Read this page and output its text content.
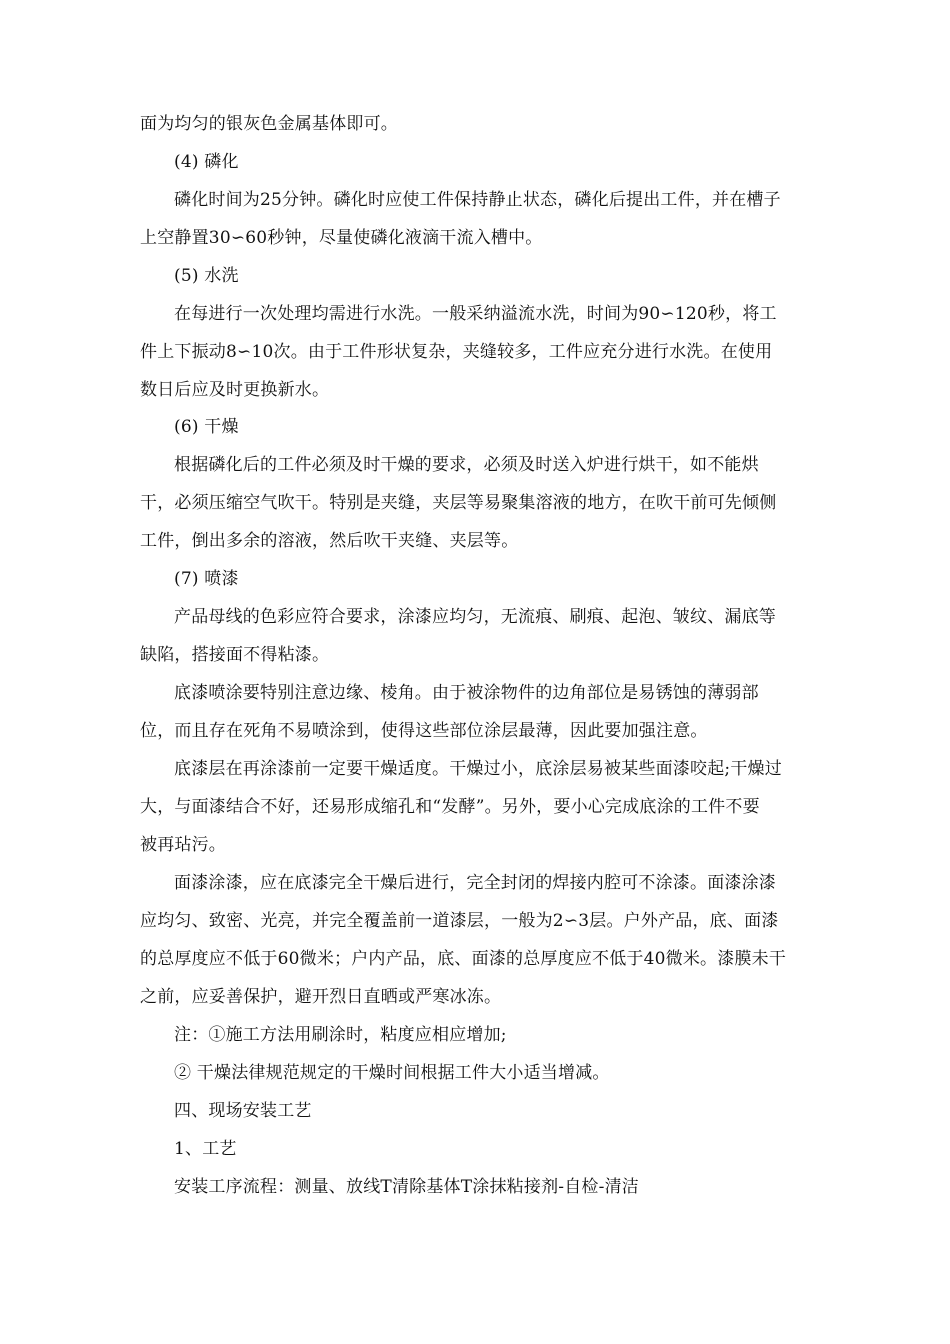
面为均匀的银灰色金属基体即可。
(4) 磷化
磷化时间为25分钟。磷化时应使工件保持静止状态，磷化后提出工件，并在槽子
上空静置30∽60秒钟，尽量使磷化液滴干流入槽中。
(5) 水洗
在每进行一次处理均需进行水洗。一般采纳溢流水洗，时间为90∽120秒，将工
件上下振动8∽10次。由于工件形状复杂，夹缝较多，工件应充分进行水洗。在使用
数日后应及时更换新水。
(6) 干燥
根据磷化后的工件必须及时干燥的要求，必须及时送入炉进行烘干，如不能烘
干，必须压缩空气吹干。特别是夹缝，夹层等易聚集溶液的地方，在吹干前可先倾侧
工件，倒出多余的溶液，然后吹干夹缝、夹层等。
(7) 喷漆
产品母线的色彩应符合要求，涂漆应均匀，无流痕、刷痕、起泡、皱纹、漏底等
缺陷，搭接面不得粘漆。
底漆喷涂要特别注意边缘、棱角。由于被涂物件的边角部位是易锈蚀的薄弱部
位，而且存在死角不易喷涂到，使得这些部位涂层最薄，因此要加强注意。
底漆层在再涂漆前一定要干燥适度。干燥过小，底涂层易被某些面漆咬起;干燥过
大，与面漆结合不好，还易形成缩孔和“发酵”。另外，要小心完成底涂的工件不要
被再玷污。
面漆涂漆，应在底漆完全干燥后进行，完全封闭的焊接内腔可不涂漆。面漆涂漆
应均匀、致密、光亮，并完全覆盖前一道漆层，一般为2∽3层。户外产品，底、面漆
的总厚度应不低于60微米；户内产品，底、面漆的总厚度应不低于40微米。漆膜未干
之前，应妥善保护，避开烈日直晒或严寒冰冻。
注：①施工方法用刷涂时，粘度应相应增加;
② 干燥法律规范规定的干燥时间根据工件大小适当增减。
四、现场安装工艺
1、工艺
安装工序流程：测量、放线T清除基体T涂抹粘接剂-自检-清洁
